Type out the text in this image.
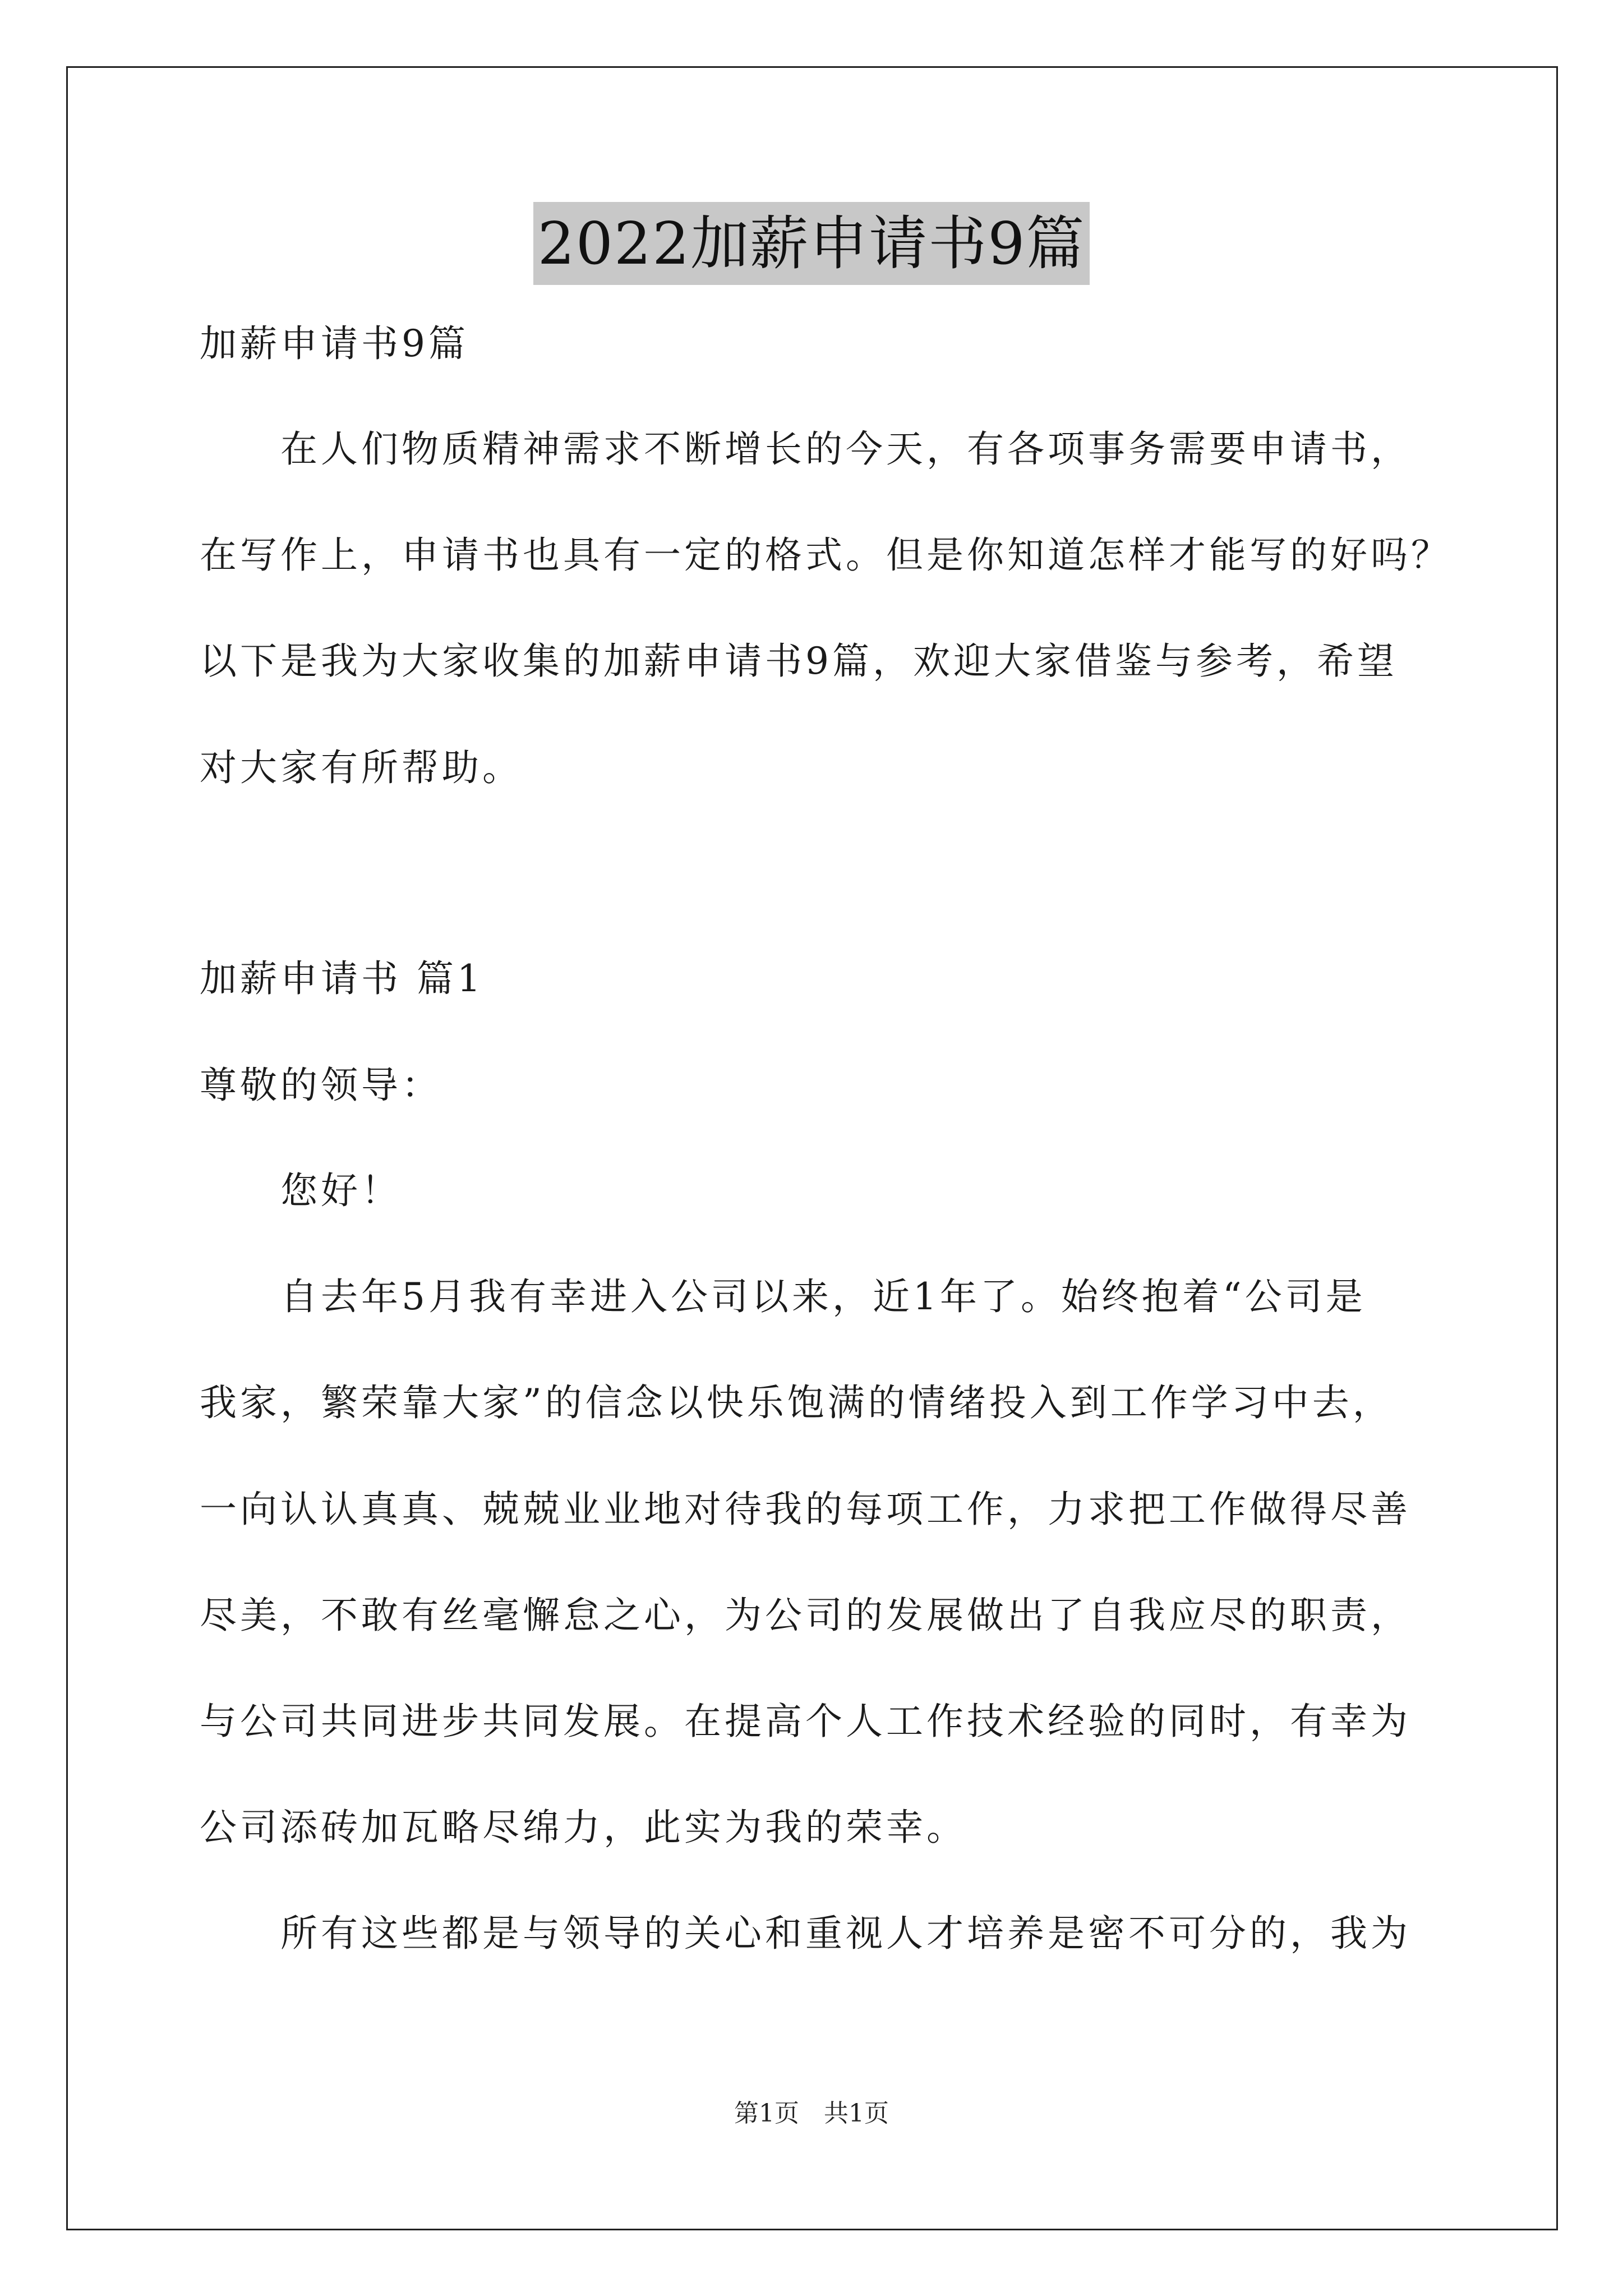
2022加薪申请书9篇

加薪申请书9篇

在人们物质精神需求不断增长的今天，有各项事务需要申请书，

在写作上，申请书也具有一定的格式。但是你知道怎样才能写的好吗？

以下是我为大家收集的加薪申请书9篇，欢迎大家借鉴与参考，希望

对大家有所帮助。

加薪申请书 篇1

尊敬的领导：

您好！

自去年5月我有幸进入公司以来，近1年了。始终抱着“公司是

我家，繁荣靠大家”的信念以快乐饱满的情绪投入到工作学习中去，

一向认认真真、兢兢业业地对待我的每项工作，力求把工作做得尽善

尽美，不敢有丝毫懈怠之心，为公司的发展做出了自我应尽的职责，

与公司共同进步共同发展。在提高个人工作技术经验的同时，有幸为

公司添砖加瓦略尽绵力，此实为我的荣幸。

所有这些都是与领导的关心和重视人才培养是密不可分的，我为

第1页　共1页
